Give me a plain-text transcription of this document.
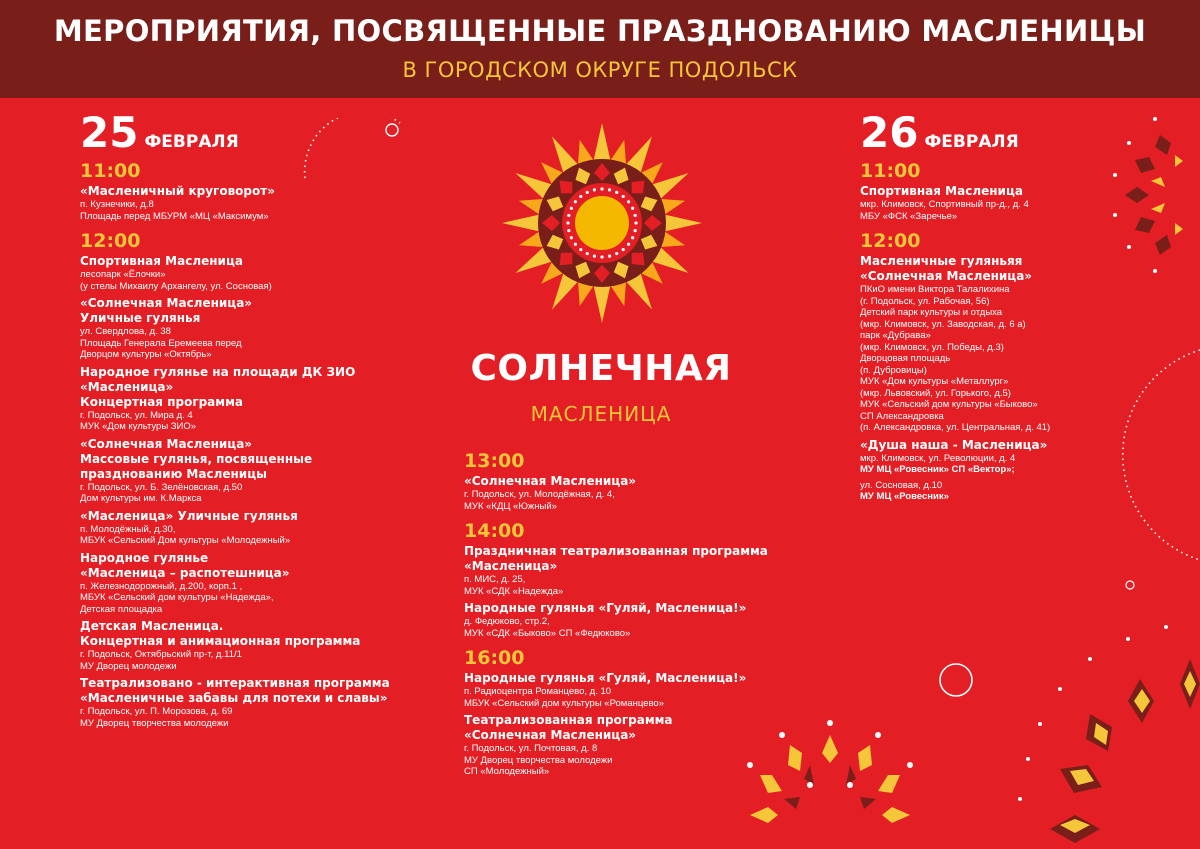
МЕРОПРИЯТИЯ, ПОСВЯЩЕННЫЕ ПРАЗДНОВАНИЮ МАСЛЕНИЦЫ
В ГОРОДСКОМ ОКРУГЕ ПОДОЛЬСК
СОЛНЕЧНАЯ
МАСЛЕНИЦА
25 ФЕВРАЛЯ
11:00
«Масленичный круговорот»
п. Кузнечики, д.8
Площадь перед МБУРМ «МЦ «Максимум»
12:00
Спортивная Масленица
лесопарк «Ёлочки»
(у стелы Михаилу Архангелу, ул. Сосновая)
«Солнечная Масленица»
Уличные гулянья
ул. Свердлова, д. 38
Площадь Генерала Еремеева перед
Дворцом культуры «Октябрь»
Народное гулянье на площади ДК ЗИО
«Масленица»
Концертная программа
г. Подольск, ул. Мира д. 4
МУК «Дом культуры ЗИО»
«Солнечная Масленица»
Массовые гулянья, посвященные
празднованию Масленицы
г. Подольск, ул. Б. Зелёновская, д.50
Дом культуры им. К.Маркса
«Масленица» Уличные гулянья
п. Молодёжный, д.30,
МБУК «Сельский Дом культуры «Молодежный»
Народное гулянье
«Масленица – распотешница»
п. Железнодорожный, д.200, корп.1 ,
МБУК «Сельский дом культуры «Надежда»,
Детская площадка
Детская Масленица.
Концертная и анимационная программа
г. Подольск, Октябрьский пр-т, д.11/1
МУ Дворец молодежи
Театрализовано - интерактивная программа
«Масленичные забавы для потехи и славы»
г. Подольск, ул. П. Морозова, д. 69
МУ Дворец творчества молодежи
13:00
«Солнечная Масленица»
г. Подольск, ул. Молодёжная, д. 4,
МУК «КДЦ «Южный»
14:00
Праздничная театрализованная программа
«Масленица»
п. МИС, д. 25,
МУК «СДК «Надежда»
Народные гулянья «Гуляй, Масленица!»
д. Федюково, стр.2,
МУК «СДК «Быково» СП «Федюково»
16:00
Народные гулянья «Гуляй, Масленица!»
п. Радиоцентра Романцево, д. 10
МБУК «Сельский дом культуры «Романцево»
Театрализованная программа
«Солнечная Масленица»
г. Подольск, ул. Почтовая, д. 8
МУ Дворец творчества молодежи
СП «Молодежный»
26 ФЕВРАЛЯ
11:00
Спортивная Масленица
мкр. Климовск, Спортивный пр-д., д. 4
МБУ «ФСК «Заречье»
12:00
Масленичные гуляньяя
«Солнечная Масленица»
ПКиО имени Виктора Талалихина
(г. Подольск, ул. Рабочая, 56)
Детский парк культуры и отдыха
(мкр. Климовск, ул. Заводская, д. 6 а)
парк «Дубрава»
(мкр. Климовск, ул. Победы, д.3)
Дворцовая площадь
(п. Дубровицы)
МУК «Дом культуры «Металлург»
(мкр. Львовский, ул. Горького, д.5)
МУК «Сельский дом культуры «Быково»
СП Александровка
(п. Александровка, ул. Центральная, д. 41)
«Душа наша - Масленица»
мкр. Климовск, ул. Революции, д. 4
МУ МЦ «Ровесник» СП «Вектор»;
ул. Сосновая, д.10
МУ МЦ «Ровесник»
